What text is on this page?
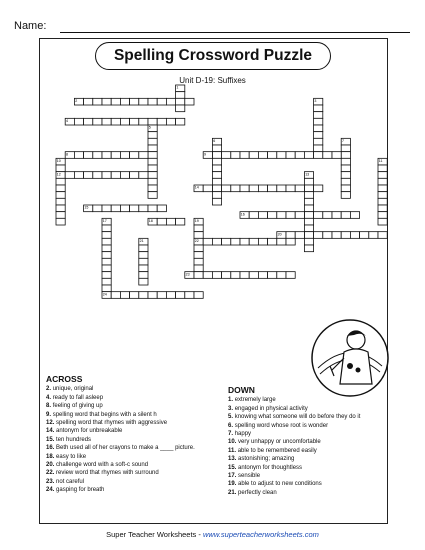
Name:
Spelling Crossword Puzzle
Unit D-19: Suffixes
1
2	3
4
5
6	7
8	9
10
12
11
13
14
15
16
17
24
18	19
22
20
21
23
ACROSS
2. unique, original
4. ready to fall asleep
8. feeling of giving up
9. spelling word that begins with a silent h
12. spelling word that rhymes with aggressive
14. antonym for unbreakable
15. ten hundreds
16. Beth used all of her crayons to make a ____ picture.
18. easy to like
20. challenge word with a soft-c sound
22. review word that rhymes with surround
23. not careful
24. gasping for breath
DOWN
1. extremely large
3. engaged in physical activity
5. knowing what someone will do before they do it
6. spelling word whose root is wonder
7. happy
10. very unhappy or uncomfortable
11. able to be remembered easily
13. astonishing; amazing
15. antonym for thoughtless
17. sensible
19. able to adjust to new conditions
21. perfectly clean
Super Teacher Worksheets - www.superteacherworksheets.com
